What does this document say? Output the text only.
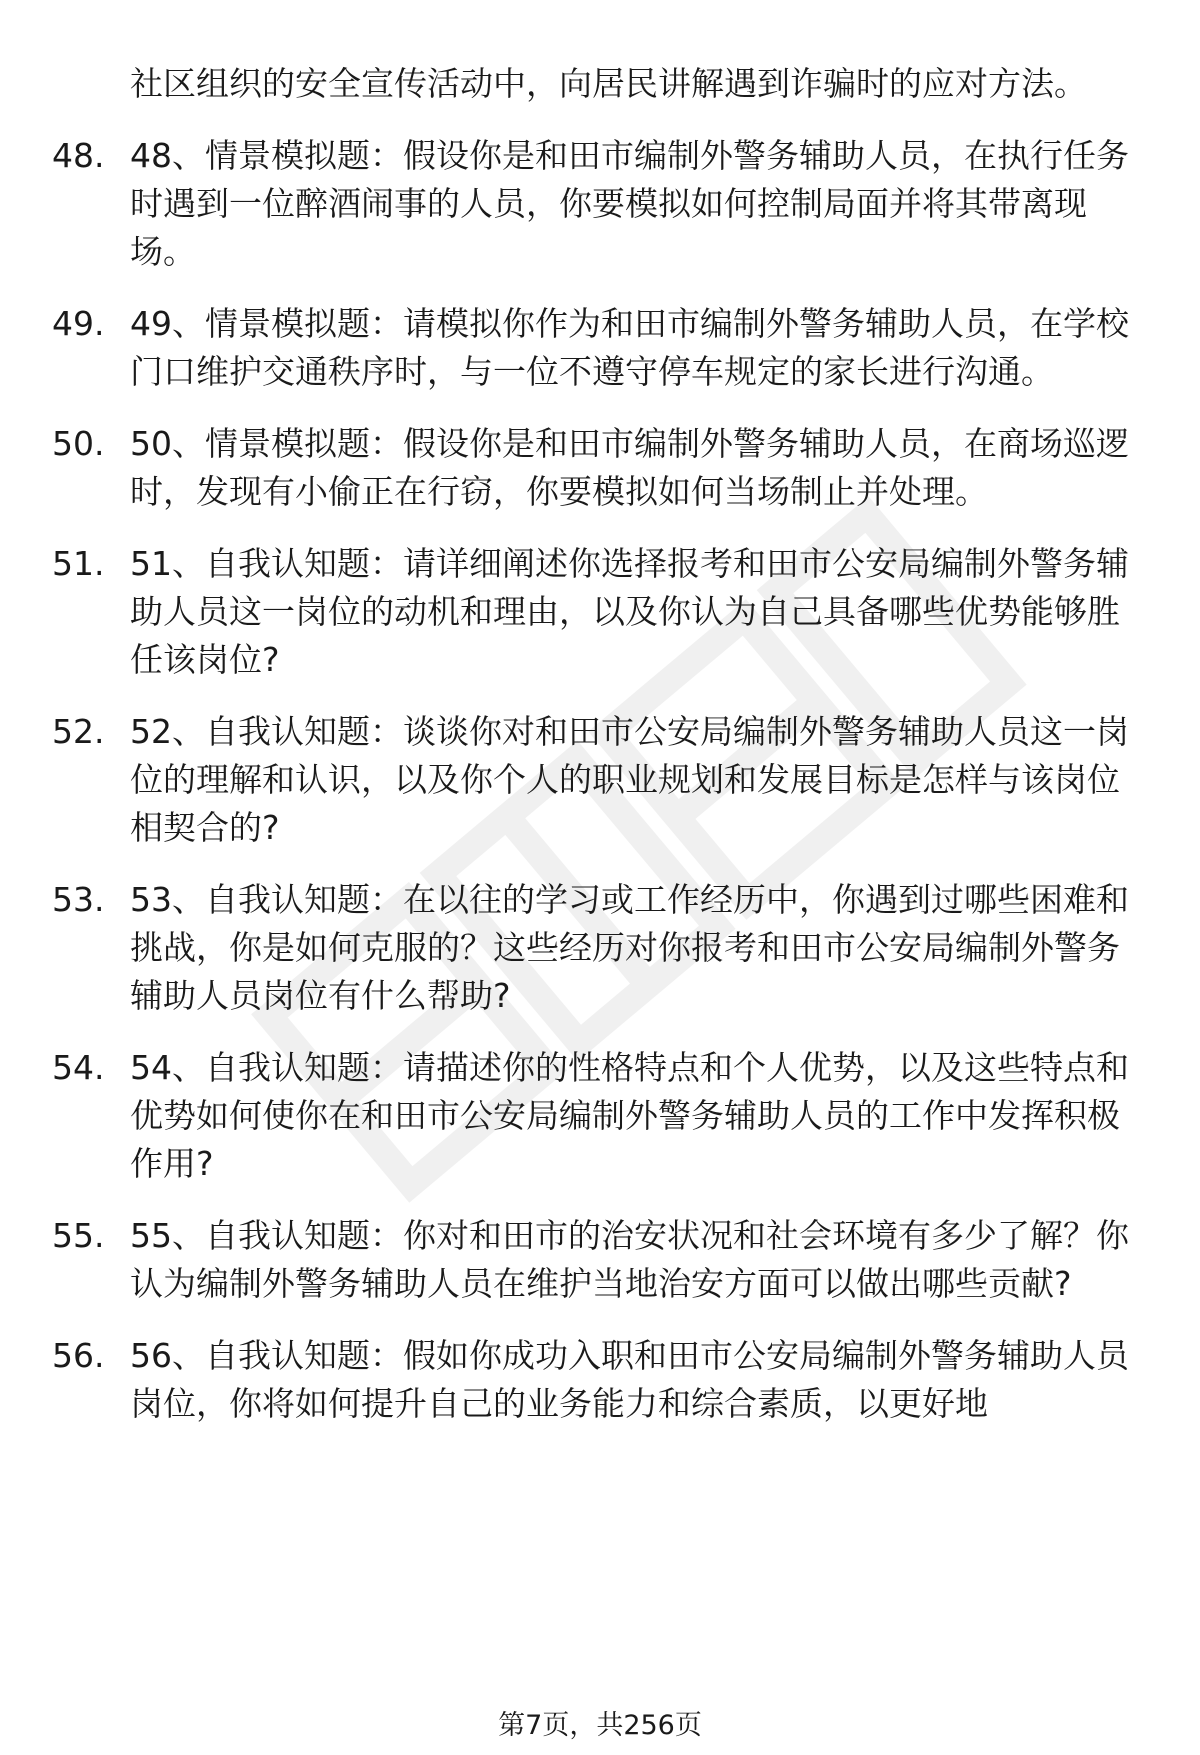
社区组织的安全宣传活动中，向居民讲解遇到诈骗时的应对方法。
48. 48、情景模拟题：假设你是和田市编制外警务辅助人员，在执行任务时遇到一位醉酒闹事的人员，你要模拟如何控制局面并将其带离现场。
49. 49、情景模拟题：请模拟你作为和田市编制外警务辅助人员，在学校门口维护交通秩序时，与一位不遵守停车规定的家长进行沟通。
50. 50、情景模拟题：假设你是和田市编制外警务辅助人员，在商场巡逻时，发现有小偷正在行窃，你要模拟如何当场制止并处理。
51. 51、自我认知题：请详细阐述你选择报考和田市公安局编制外警务辅助人员这一岗位的动机和理由，以及你认为自己具备哪些优势能够胜任该岗位?
52. 52、自我认知题：谈谈你对和田市公安局编制外警务辅助人员这一岗位的理解和认识，以及你个人的职业规划和发展目标是怎样与该岗位相契合的?
53. 53、自我认知题：在以往的学习或工作经历中，你遇到过哪些困难和挑战，你是如何克服的？这些经历对你报考和田市公安局编制外警务辅助人员岗位有什么帮助?
54. 54、自我认知题：请描述你的性格特点和个人优势，以及这些特点和优势如何使你在和田市公安局编制外警务辅助人员的工作中发挥积极作用?
55. 55、自我认知题：你对和田市的治安状况和社会环境有多少了解？你认为编制外警务辅助人员在维护当地治安方面可以做出哪些贡献?
56. 56、自我认知题：假如你成功入职和田市公安局编制外警务辅助人员岗位，你将如何提升自己的业务能力和综合素质，以更好地
第7页，共256页
